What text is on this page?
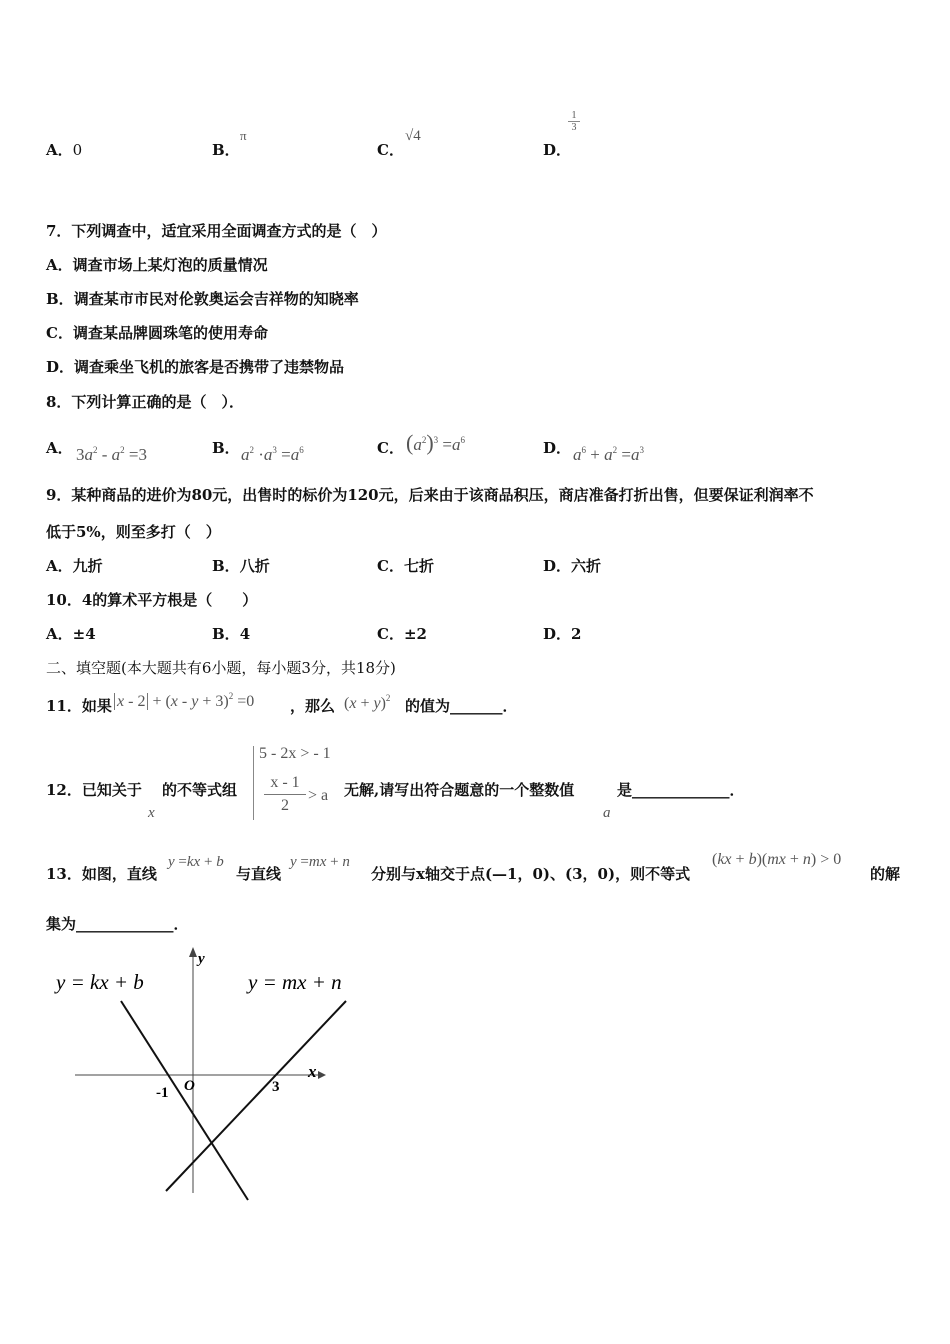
A．0	B．
π
C．
√4
D．
$\frac{1}{3}$
7．下列调查中，适宜采用全面调查方式的是（　）
A．调查市场上某灯泡的质量情况
B．调查某市市民对伦敦奥运会吉祥物的知晓率
C．调查某品牌圆珠笔的使用寿命
D．调查乘坐飞机的旅客是否携带了违禁物品
8．下列计算正确的是（　）．
A． $3a^2 - a^2 =3$	B． $a^2 \cdot a^3 =a^6$	C． $(a^2)^3 =a^6$	D． $a^6 + a^2 =a^3$
9．某种商品的进价为80元，出售时的标价为120元，后来由于该商品积压，商店准备打折出售，但要保证利润率不
低于5%，则至多打（　）
A．九折	B．八折	C．七折	D．六折
10．4的算术平方根是（　　）
A．±4	B．4	C．±2	D．2
二、填空题(本大题共有6小题，每小题3分，共18分)
11．如果 $x - 2 + (x - y + 3)^2 =0$ ，那么 $(x + y)^2$ 的值为_______．
12．已知关于
x
的不等式组
5 - 2x > - 1
$\frac{x - 1}{2} > a$ 无解,请写出符合题意的一个整数值
a
是_____________．
13．如图，直线
y =kx + b
与直线
y =mx + n
分别与x轴交于点(—1，0)、(3，0)，则不等式
(kx + b)(mx + n) > 0
的解
集为_____________．
y = kx + b	y = mx + n
x
y
O
-1	3
